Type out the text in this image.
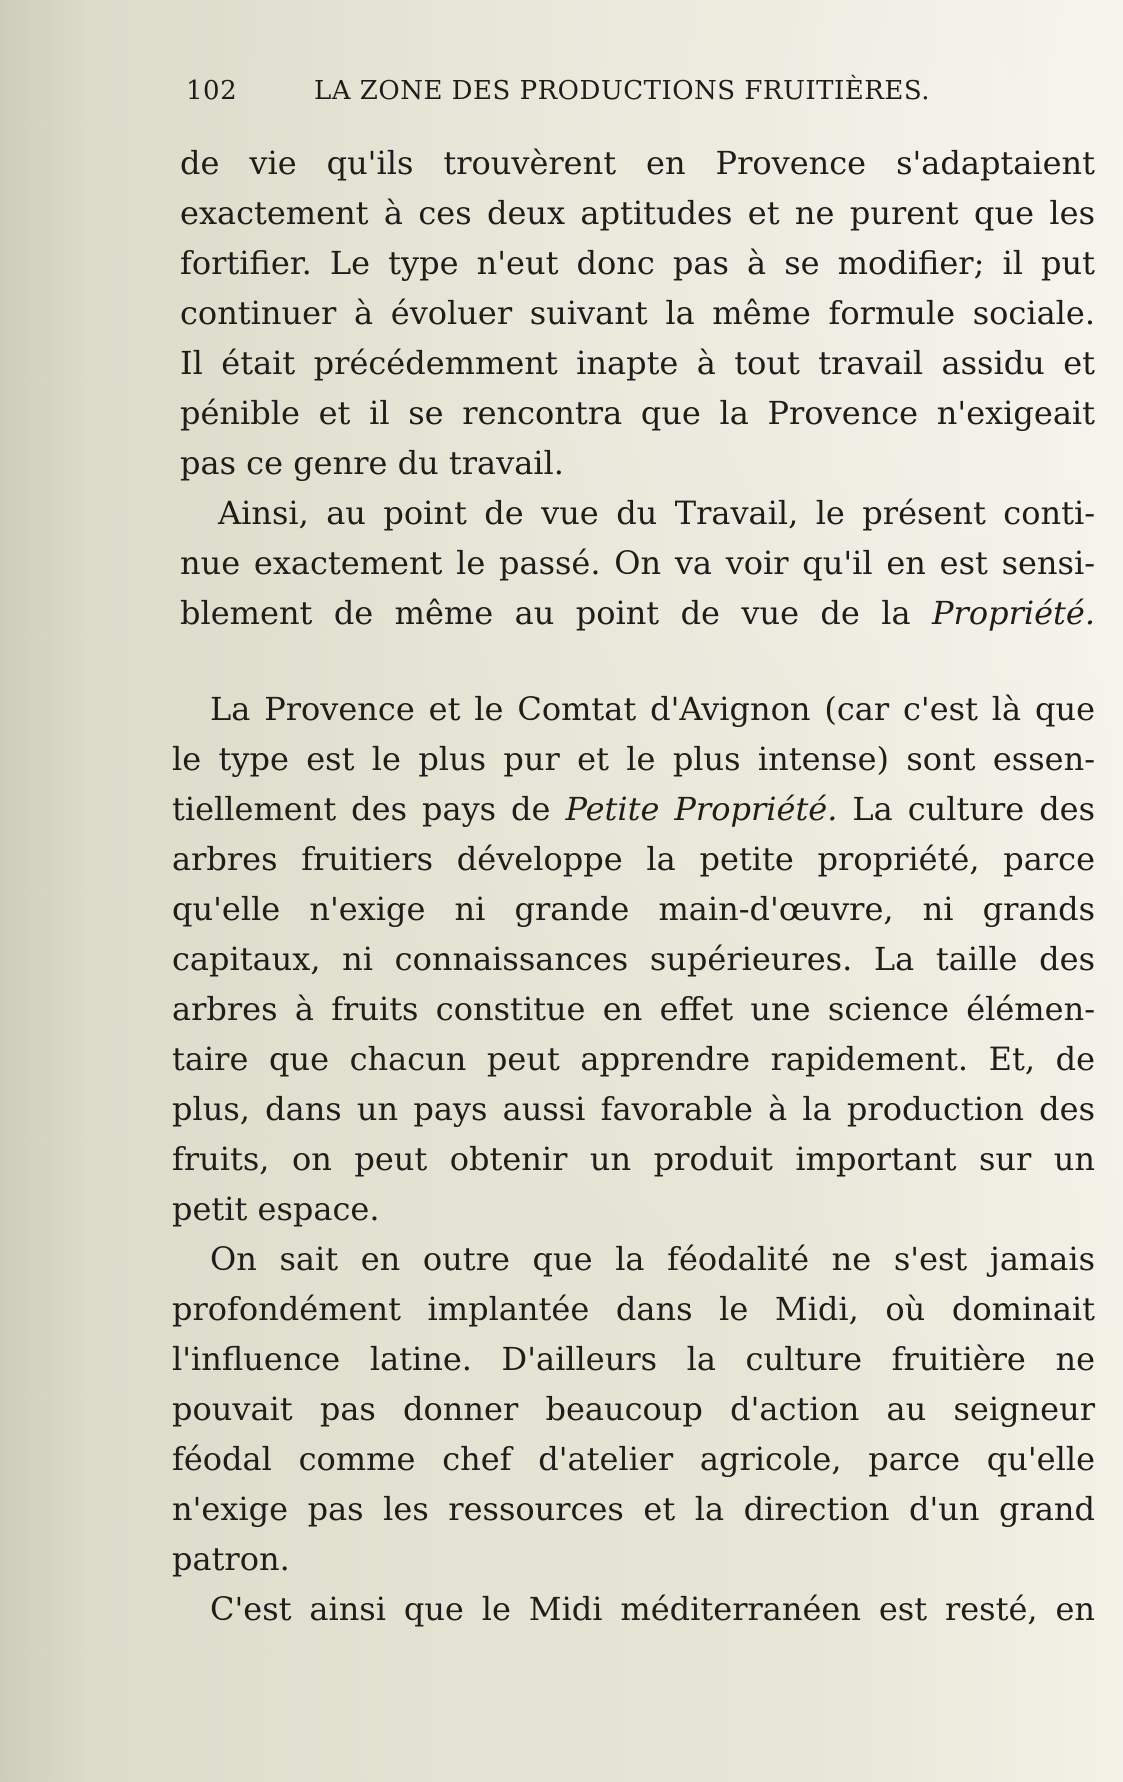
102	LA ZONE DES PRODUCTIONS FRUITIÈRES.
de vie qu'ils trouvèrent en Provence s'adaptaient
exactement à ces deux aptitudes et ne purent que les
fortifier. Le type n'eut donc pas à se modifier; il put
continuer à évoluer suivant la même formule sociale.
Il était précédemment inapte à tout travail assidu et
pénible et il se rencontra que la Provence n'exigeait
pas ce genre du travail.
Ainsi, au point de vue du Travail, le présent conti-
nue exactement le passé. On va voir qu'il en est sensi-
blement de même au point de vue de la Propriété.
La Provence et le Comtat d'Avignon (car c'est là que
le type est le plus pur et le plus intense) sont essen-
tiellement des pays de Petite Propriété. La culture des
arbres fruitiers développe la petite propriété, parce
qu'elle n'exige ni grande main-d'œuvre, ni grands
capitaux, ni connaissances supérieures. La taille des
arbres à fruits constitue en effet une science élémen-
taire que chacun peut apprendre rapidement. Et, de
plus, dans un pays aussi favorable à la production des
fruits, on peut obtenir un produit important sur un
petit espace.
On sait en outre que la féodalité ne s'est jamais
profondément implantée dans le Midi, où dominait
l'influence latine. D'ailleurs la culture fruitière ne
pouvait pas donner beaucoup d'action au seigneur
féodal comme chef d'atelier agricole, parce qu'elle
n'exige pas les ressources et la direction d'un grand
patron.
C'est ainsi que le Midi méditerranéen est resté, en
